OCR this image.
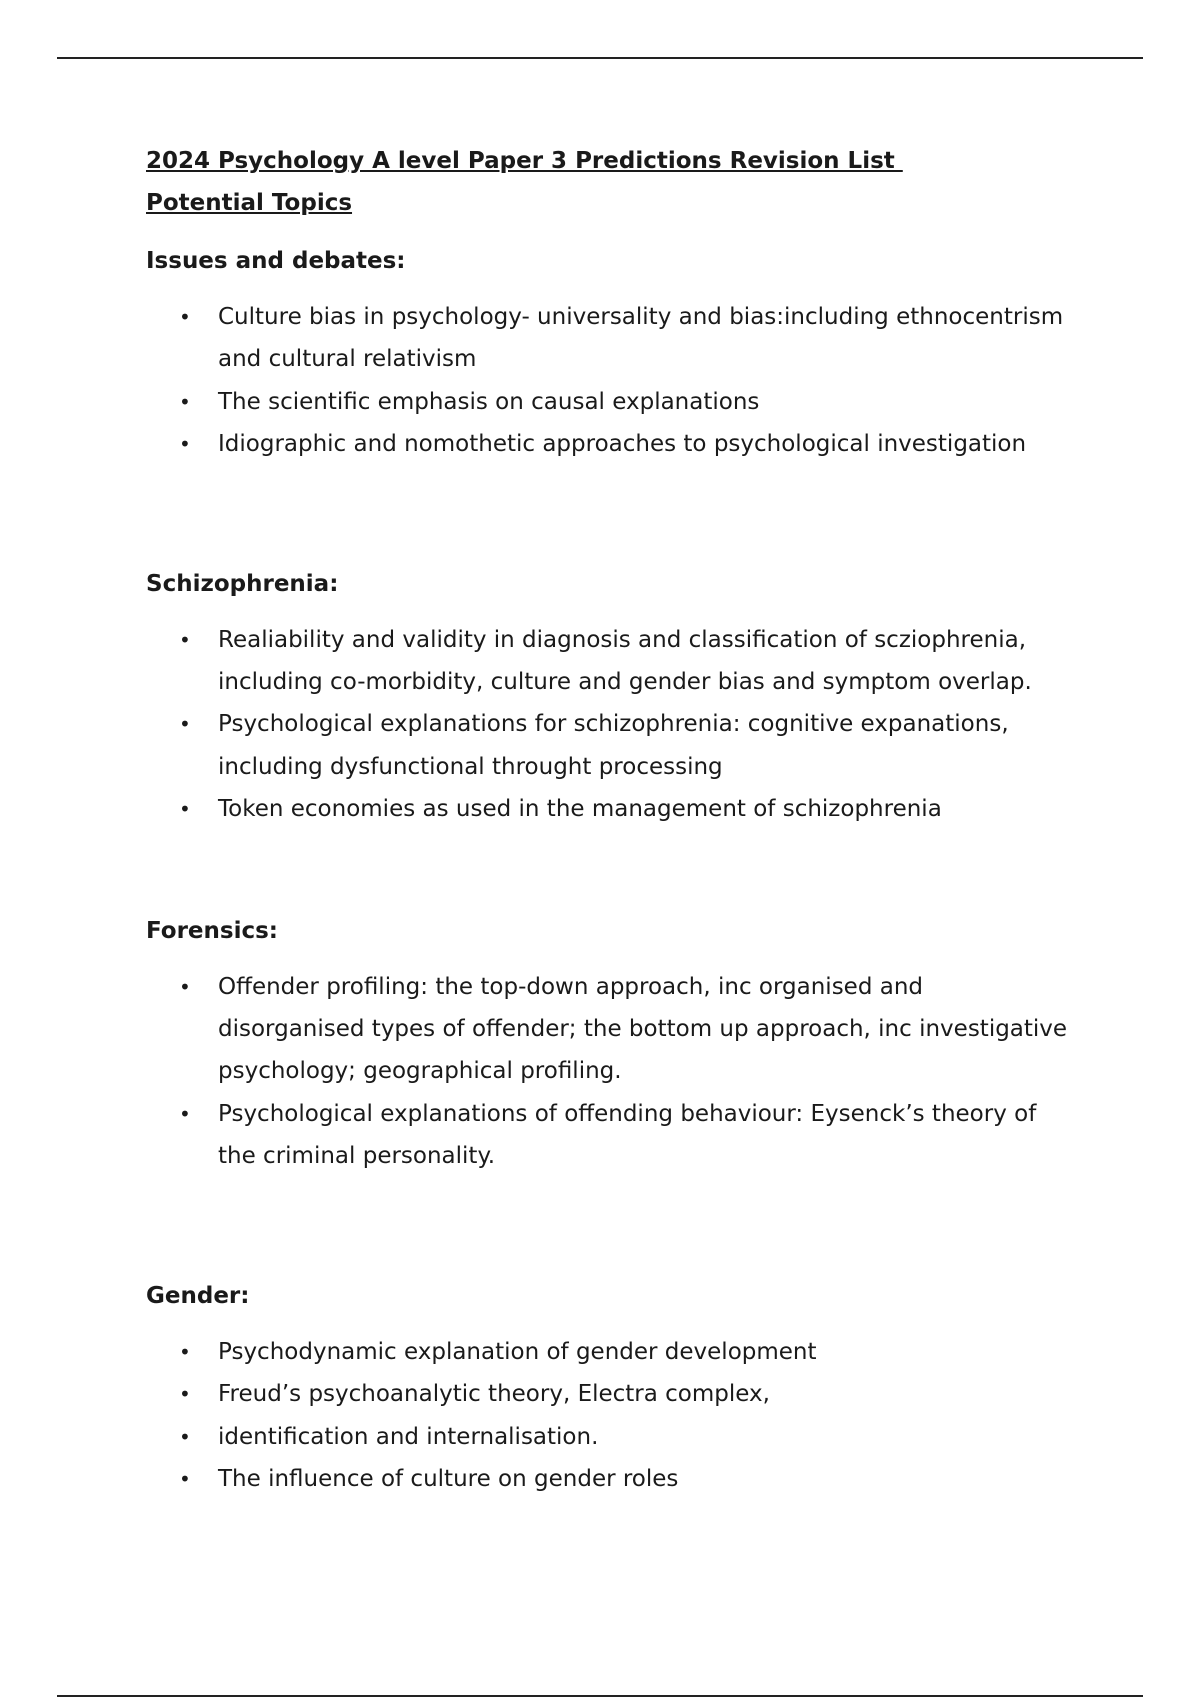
2024 Psychology A level Paper 3 Predictions Revision List

Potential Topics

Issues and debates:

• Culture bias in psychology- universality and bias:including ethnocentrism and cultural relativism
• The scientific emphasis on causal explanations
• Idiographic and nomothetic approaches to psychological investigation

Schizophrenia:

• Realiability and validity in diagnosis and classification of scziophrenia, including co-morbidity, culture and gender bias and symptom overlap.
• Psychological explanations for schizophrenia: cognitive expanations, including dysfunctional throught processing
• Token economies as used in the management of schizophrenia

Forensics:

• Offender profiling: the top-down approach, inc organised and disorganised types of offender; the bottom up approach, inc investigative psychology; geographical profiling.
• Psychological explanations of offending behaviour: Eysenck’s theory of the criminal personality.

Gender:

• Psychodynamic explanation of gender development
• Freud’s psychoanalytic theory, Electra complex,
• identification and internalisation.
• The influence of culture on gender roles
